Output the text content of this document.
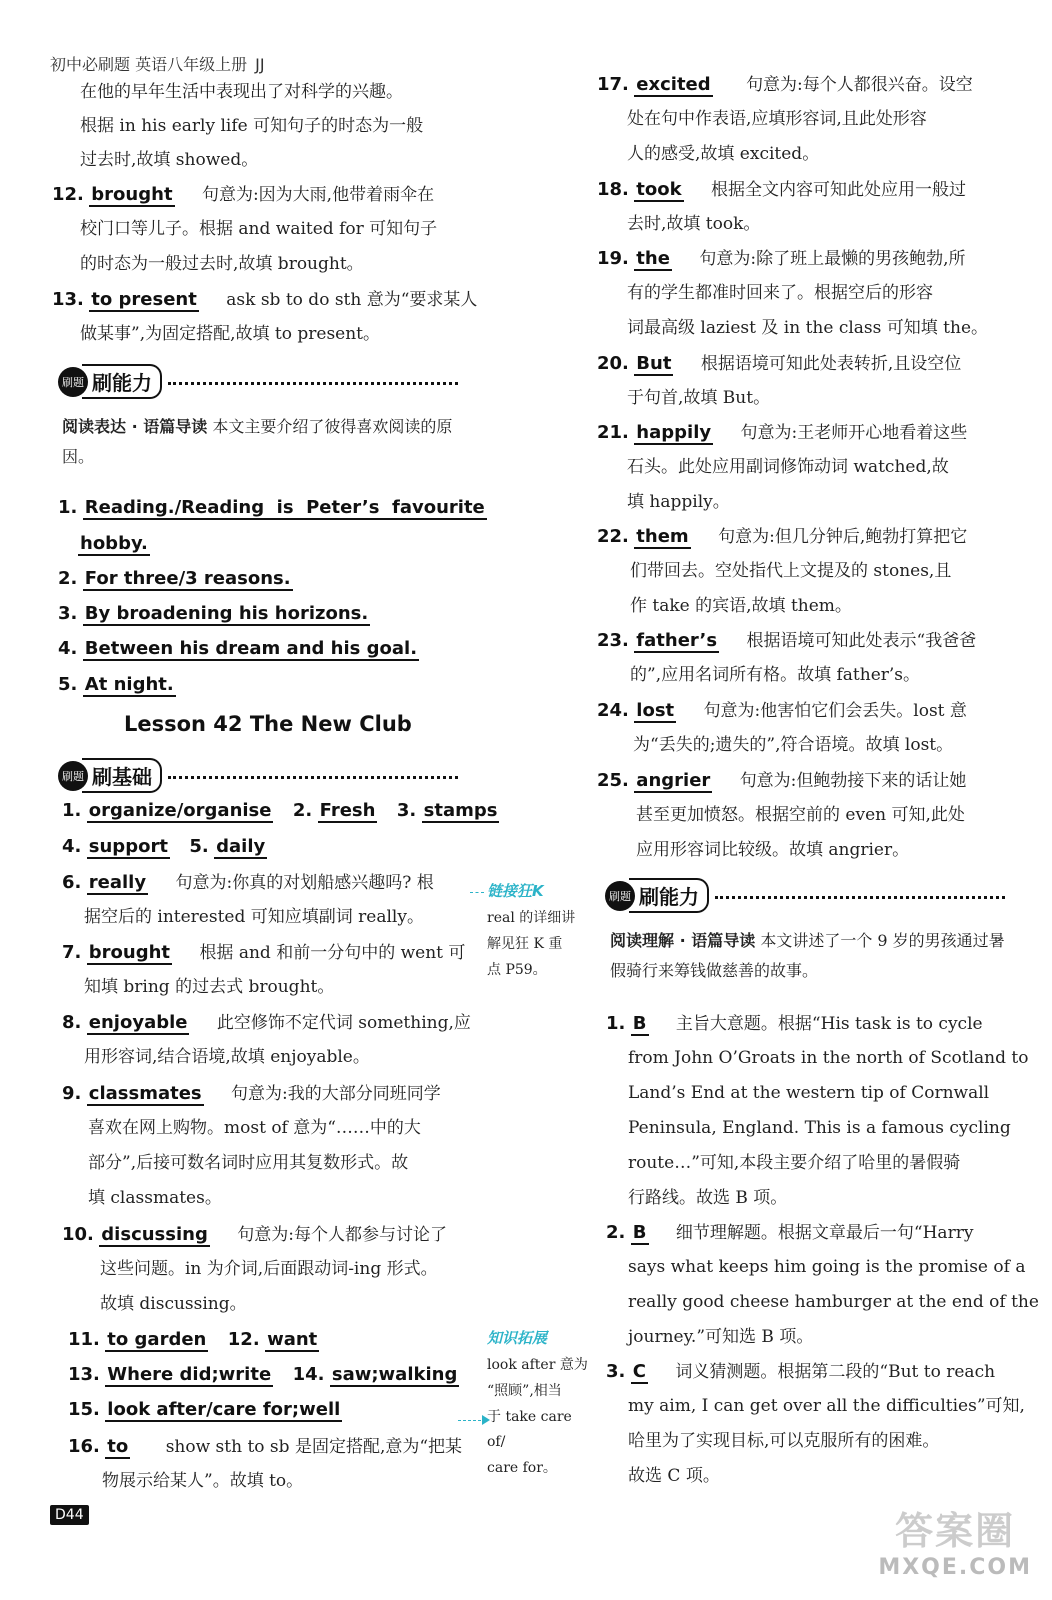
初中必刷题 英语八年级上册 JJ
在他的早年生活中表现出了对科学的兴趣。
根据 in his early life 可知句子的时态为一般
过去时,故填 showed。
12. brought 句意为:因为大雨,他带着雨伞在
校门口等儿子。根据 and waited for 可知句子
的时态为一般过去时,故填 brought。
13. to present ask sb to do sth 意为“要求某人
做某事”,为固定搭配,故填 to present。
刷题 刷能力
阅读表达 · 语篇导读 本文主要介绍了彼得喜欢阅读的原因。
1. Reading./Reading  is  Peter’s  favourite
hobby.
2. For three/3 reasons.
3. By broadening his horizons.
4. Between his dream and his goal.
5. At night.
Lesson 42 The New Club
刷题 刷基础
1. organize/organise 2. Fresh 3. stamps
4. support 5. daily
6. really 句意为:你真的对划船感兴趣吗? 根
据空后的 interested 可知应填副词 really。
7. brought 根据 and 和前一分句中的 went 可
知填 bring 的过去式 brought。
8. enjoyable 此空修饰不定代词 something,应
用形容词,结合语境,故填 enjoyable。
9. classmates 句意为:我的大部分同班同学
喜欢在网上购物。most of 意为“……中的大
部分”,后接可数名词时应用其复数形式。故
填 classmates。
10. discussing 句意为:每个人都参与讨论了
这些问题。in 为介词,后面跟动词-ing 形式。
故填 discussing。
11. to garden 12. want
13. Where did;write 14. saw;walking
15. look after/care for;well
16. to show sth to sb 是固定搭配,意为“把某
物展示给某人”。故填 to。
链接狂K
real 的详细讲
解见狂 K 重
点 P59。
知识拓展
look after 意为
“照顾”,相当
于 take care of/
care for。
17. excited 句意为:每个人都很兴奋。设空
处在句中作表语,应填形容词,且此处形容
人的感受,故填 excited。
18. took 根据全文内容可知此处应用一般过
去时,故填 took。
19. the 句意为:除了班上最懒的男孩鲍勃,所
有的学生都准时回来了。根据空后的形容
词最高级 laziest 及 in the class 可知填 the。
20. But 根据语境可知此处表转折,且设空位
于句首,故填 But。
21. happily 句意为:王老师开心地看着这些
石头。此处应用副词修饰动词 watched,故
填 happily。
22. them 句意为:但几分钟后,鲍勃打算把它
们带回去。空处指代上文提及的 stones,且
作 take 的宾语,故填 them。
23. father’s 根据语境可知此处表示“我爸爸
的”,应用名词所有格。故填 father’s。
24. lost 句意为:他害怕它们会丢失。lost 意
为“丢失的;遗失的”,符合语境。故填 lost。
25. angrier 句意为:但鲍勃接下来的话让她
甚至更加愤怒。根据空前的 even 可知,此处
应用形容词比较级。故填 angrier。
刷题 刷能力
阅读理解 · 语篇导读 本文讲述了一个 9 岁的男孩通过暑假骑行来筹钱做慈善的故事。
1. B 主旨大意题。根据“His task is to cycle
from John O’Groats in the north of Scotland to
Land’s End at the western tip of Cornwall
Peninsula, England. This is a famous cycling
route…”可知,本段主要介绍了哈里的暑假骑
行路线。故选 B 项。
2. B 细节理解题。根据文章最后一句“Harry
says what keeps him going is the promise of a
really good cheese hamburger at the end of the
journey.”可知选 B 项。
3. C 词义猜测题。根据第二段的“But to reach
my aim, I can get over all the difficulties”可知,
哈里为了实现目标,可以克服所有的困难。
故选 C 项。
D44	答案圈
MXQE.COM
